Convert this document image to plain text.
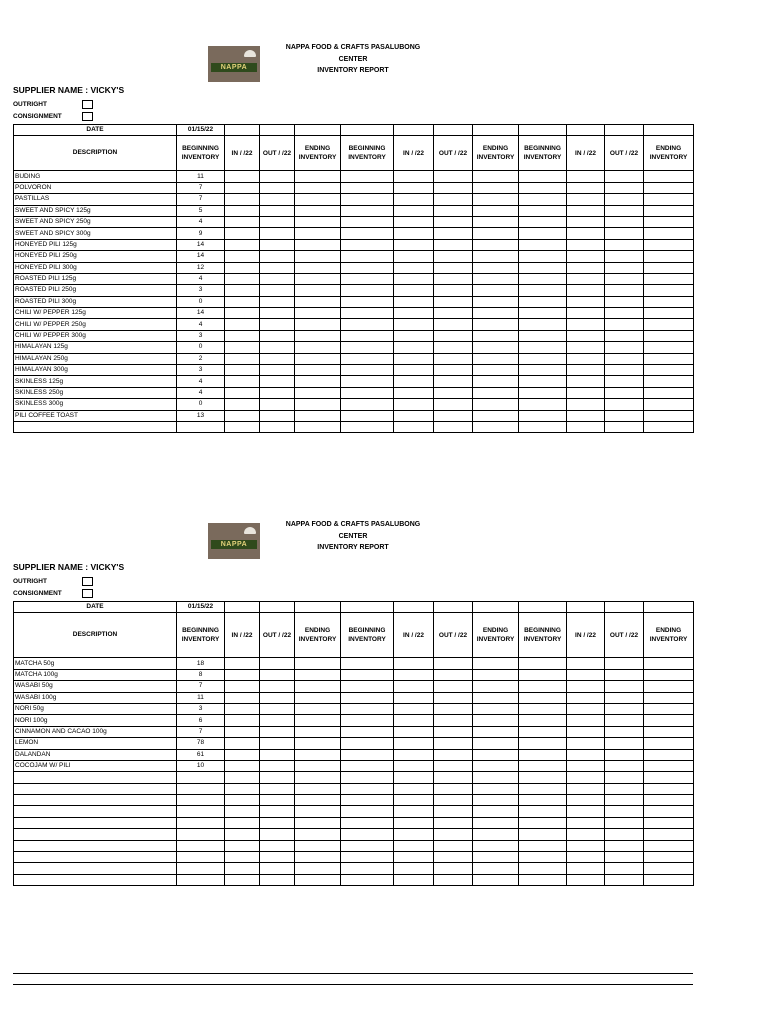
NAPPA
NAPPA FOOD & CRAFTS PASALUBONG CENTER
INVENTORY REPORT
SUPPLIER NAME : VICKY'S
OUTRIGHT
CONSIGNMENT
DATE	01/15/22											
DESCRIPTION	BEGINNING INVENTORY	IN / /22	OUT / /22	ENDING INVENTORY	BEGINNING INVENTORY	IN / /22	OUT / /22	ENDING INVENTORY	BEGINNING INVENTORY	IN / /22	OUT / /22	ENDING INVENTORY
BUDING	11											
POLVORON	7											
PASTILLAS	7											
SWEET AND SPICY 125g	5											
SWEET AND SPICY 250g	4											
SWEET AND SPICY 300g	9											
HONEYED PILI 125g	14											
HONEYED PILI 250g	14											
HONEYED PILI 300g	12											
ROASTED PILI 125g	4											
ROASTED PILI 250g	3											
ROASTED PILI 300g	0											
CHILI W/ PEPPER 125g	14											
CHILI W/ PEPPER 250g	4											
CHILI W/ PEPPER 300g	3											
HIMALAYAN 125g	0											
HIMALAYAN 250g	2											
HIMALAYAN 300g	3											
SKINLESS 125g	4											
SKINLESS 250g	4											
SKINLESS 300g	0											
PILI COFFEE TOAST	13											

NAPPA
NAPPA FOOD & CRAFTS PASALUBONG CENTER
INVENTORY REPORT
SUPPLIER NAME : VICKY'S
OUTRIGHT
CONSIGNMENT
DATE	01/15/22											
DESCRIPTION	BEGINNING INVENTORY	IN / /22	OUT / /22	ENDING INVENTORY	BEGINNING INVENTORY	IN / /22	OUT / /22	ENDING INVENTORY	BEGINNING INVENTORY	IN / /22	OUT / /22	ENDING INVENTORY
MATCHA 50g	18											
MATCHA 100g	8											
WASABI 50g	7											
WASABI 100g	11											
NORI 50g	3											
NORI 100g	6											
CINNAMON AND CACAO 100g	7											
LEMON	78											
DALANDAN	61											
COCOJAM W/ PILI	10											
